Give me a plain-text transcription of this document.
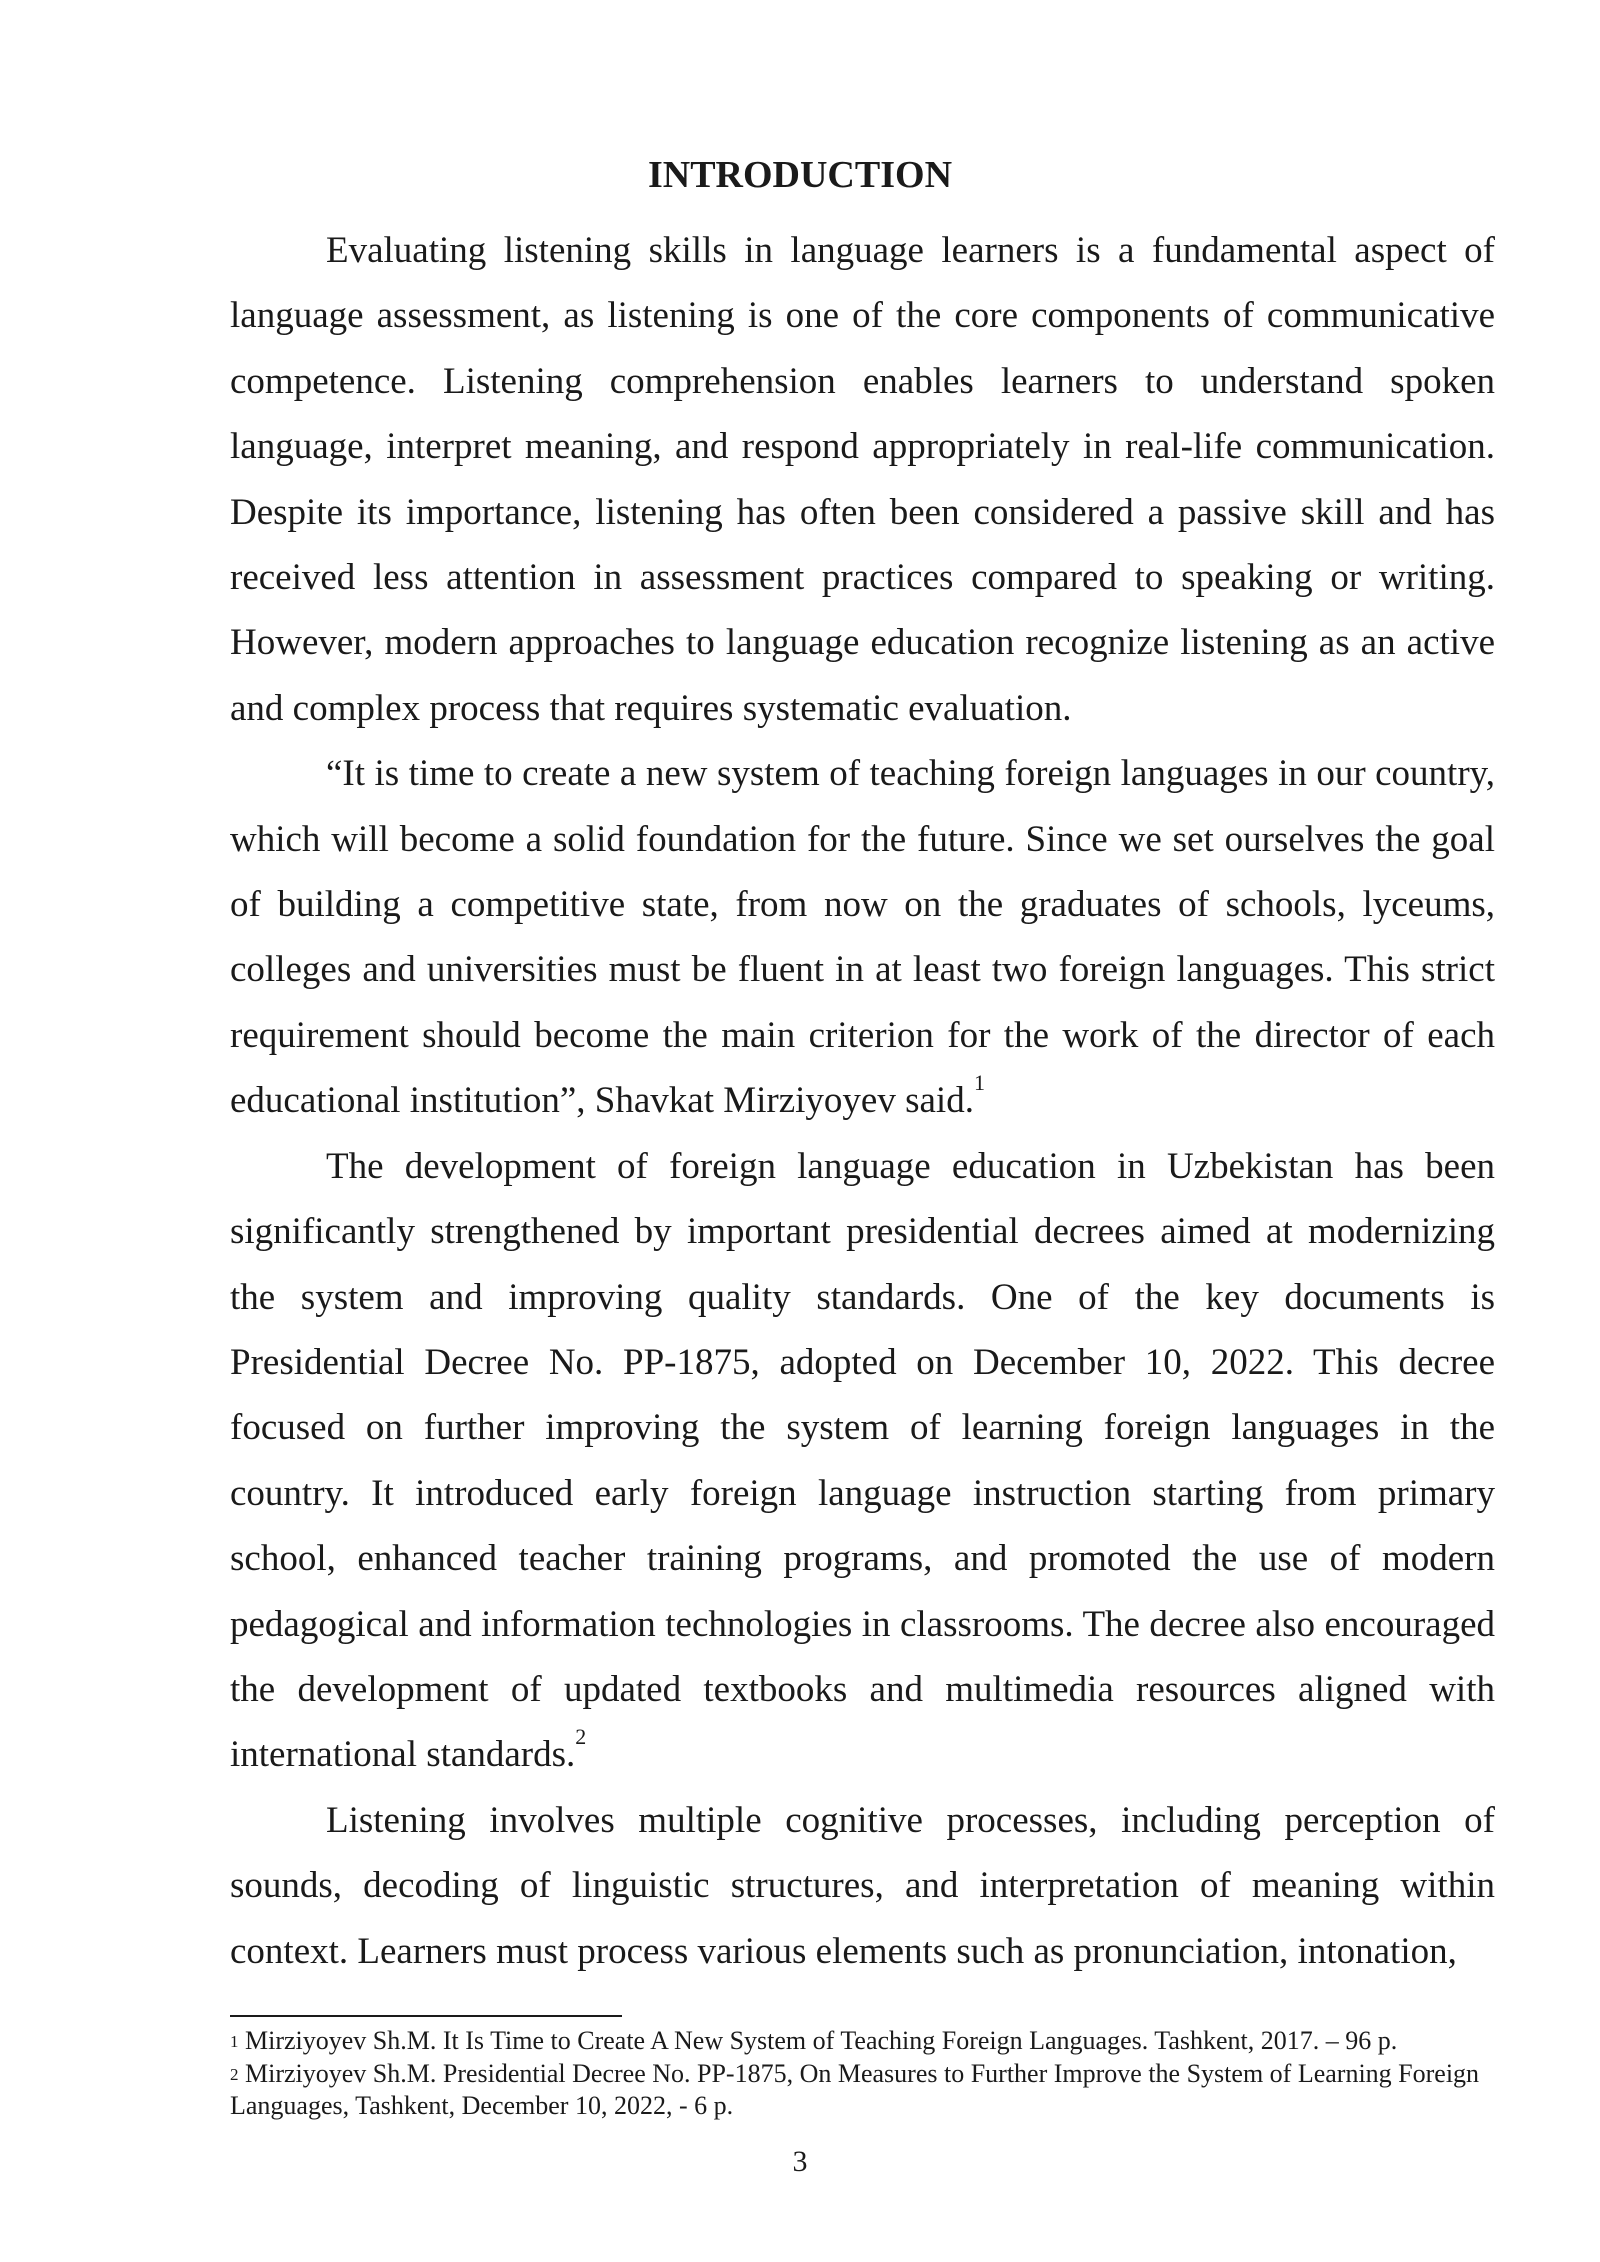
INTRODUCTION

Evaluating listening skills in language learners is a fundamental aspect of language assessment, as listening is one of the core components of communicative competence. Listening comprehension enables learners to understand spoken language, interpret meaning, and respond appropriately in real-life communication. Despite its importance, listening has often been considered a passive skill and has received less attention in assessment practices compared to speaking or writing. However, modern approaches to language education recognize listening as an active and complex process that requires systematic evaluation.

“It is time to create a new system of teaching foreign languages in our country, which will become a solid foundation for the future. Since we set ourselves the goal of building a competitive state, from now on the graduates of schools, lyceums, colleges and universities must be fluent in at least two foreign languages. This strict requirement should become the main criterion for the work of the director of each educational institution”, Shavkat Mirziyoyev said.$^1$

The development of foreign language education in Uzbekistan has been significantly strengthened by important presidential decrees aimed at modernizing the system and improving quality standards. One of the key documents is Presidential Decree No. PP-1875, adopted on December 10, 2022. This decree focused on further improving the system of learning foreign languages in the country. It introduced early foreign language instruction starting from primary school, enhanced teacher training programs, and promoted the use of modern pedagogical and information technologies in classrooms. The decree also encouraged the development of updated textbooks and multimedia resources aligned with international standards.$^2$

Listening involves multiple cognitive processes, including perception of sounds, decoding of linguistic structures, and interpretation of meaning within context. Learners must process various elements such as pronunciation, intonation,

$^1$ Mirziyoyev Sh.M. It Is Time to Create A New System of Teaching Foreign Languages. Tashkent, 2017. – 96 p.

$^2$ Mirziyoyev Sh.M. Presidential Decree No. PP-1875, On Measures to Further Improve the System of Learning Foreign Languages, Tashkent, December 10, 2022, - 6 p.

3
